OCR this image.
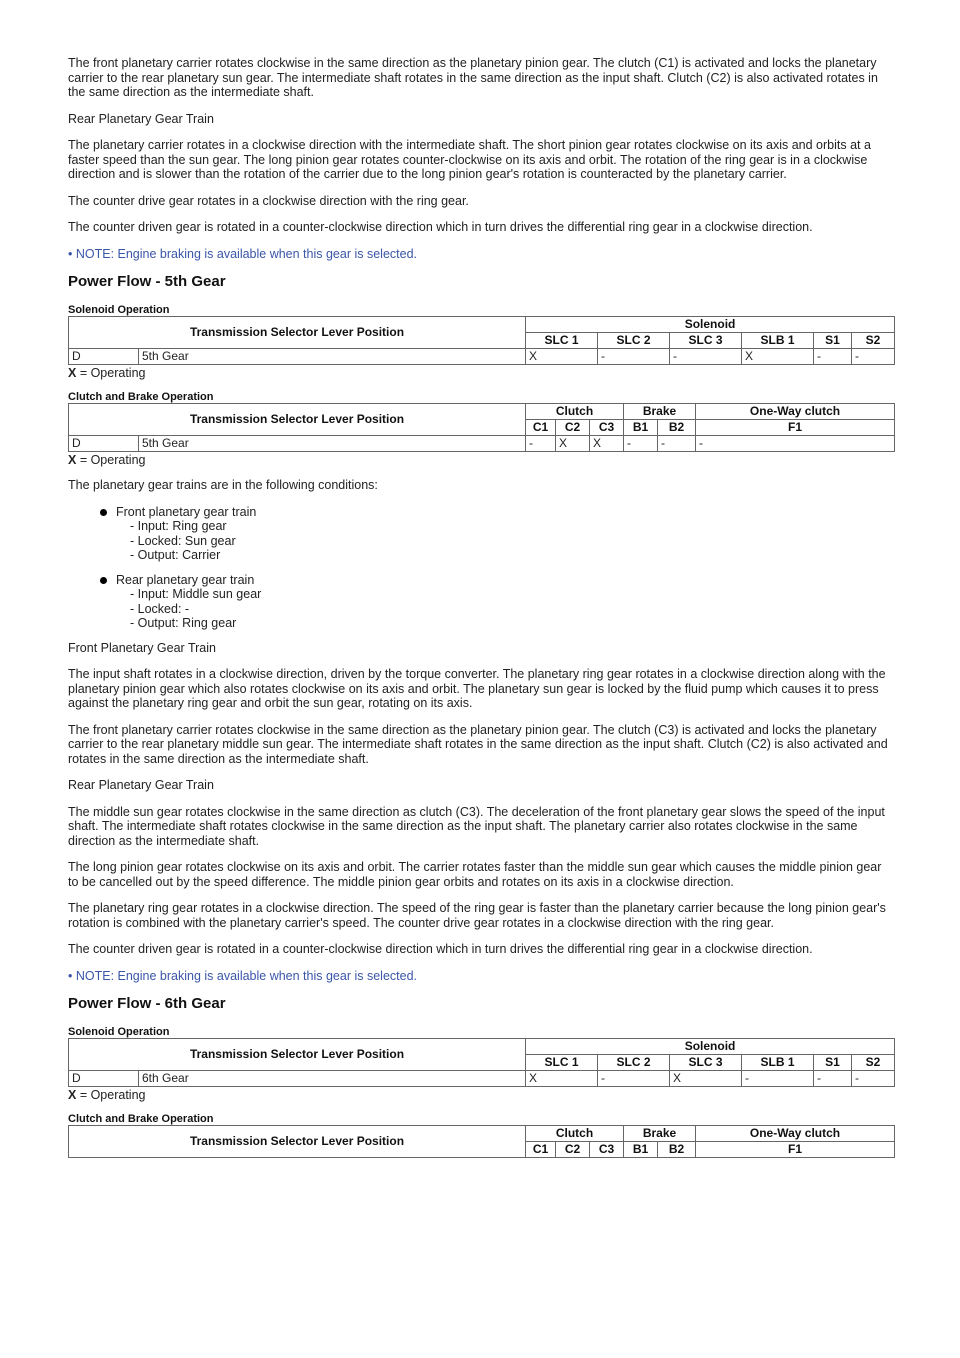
The front planetary carrier rotates clockwise in the same direction as the planetary pinion gear. The clutch (C1) is activated and locks the planetary carrier to the rear planetary sun gear. The intermediate shaft rotates in the same direction as the input shaft. Clutch (C2) is also activated rotates in the same direction as the intermediate shaft.

Rear Planetary Gear Train

The planetary carrier rotates in a clockwise direction with the intermediate shaft. The short pinion gear rotates clockwise on its axis and orbits at a faster speed than the sun gear. The long pinion gear rotates counter-clockwise on its axis and orbit. The rotation of the ring gear is in a clockwise direction and is slower than the rotation of the carrier due to the long pinion gear's rotation is counteracted by the planetary carrier.

The counter drive gear rotates in a clockwise direction with the ring gear.

The counter driven gear is rotated in a counter-clockwise direction which in turn drives the differential ring gear in a clockwise direction.

• NOTE: Engine braking is available when this gear is selected.

Power Flow - 5th Gear
Solenoid Operation
Transmission Selector Lever Position		Solenoid					
		SLC 1	SLC 2	SLC 3	SLB 1	S1	S2
D	5th Gear	X	-	-	X	-	-
X = Operating
Clutch and Brake Operation
Transmission Selector Lever Position		Clutch			Brake		One-Way clutch
		C1	C2	C3	B1	B2	F1
D	5th Gear	-	X	X	-	-	-
X = Operating

The planetary gear trains are in the following conditions:

Front planetary gear train
- Input: Ring gear
- Locked: Sun gear
- Output: Carrier
Rear planetary gear train
- Input: Middle sun gear
- Locked: -
- Output: Ring gear

Front Planetary Gear Train

The input shaft rotates in a clockwise direction, driven by the torque converter. The planetary ring gear rotates in a clockwise direction along with the planetary pinion gear which also rotates clockwise on its axis and orbit. The planetary sun gear is locked by the fluid pump which causes it to press against the planetary ring gear and orbit the sun gear, rotating on its axis.

The front planetary carrier rotates clockwise in the same direction as the planetary pinion gear. The clutch (C3) is activated and locks the planetary carrier to the rear planetary middle sun gear. The intermediate shaft rotates in the same direction as the input shaft. Clutch (C2) is also activated and rotates in the same direction as the intermediate shaft.

Rear Planetary Gear Train

The middle sun gear rotates clockwise in the same direction as clutch (C3). The deceleration of the front planetary gear slows the speed of the input shaft. The intermediate shaft rotates clockwise in the same direction as the input shaft. The planetary carrier also rotates clockwise in the same direction as the intermediate shaft.

The long pinion gear rotates clockwise on its axis and orbit. The carrier rotates faster than the middle sun gear which causes the middle pinion gear to be cancelled out by the speed difference. The middle pinion gear orbits and rotates on its axis in a clockwise direction.

The planetary ring gear rotates in a clockwise direction. The speed of the ring gear is faster than the planetary carrier because the long pinion gear's rotation is combined with the planetary carrier's speed. The counter drive gear rotates in a clockwise direction with the ring gear.

The counter driven gear is rotated in a counter-clockwise direction which in turn drives the differential ring gear in a clockwise direction.

• NOTE: Engine braking is available when this gear is selected.

Power Flow - 6th Gear
Solenoid Operation
Transmission Selector Lever Position	Solenoid					
	SLC 1	SLC 2	SLC 3	SLB 1	S1	S2
D	6th Gear	X	-	X	-	-	-
X = Operating
Clutch and Brake Operation
Transmission Selector Lever Position	Clutch			Brake		One-Way clutch
	C1	C2	C3	B1	B2	F1
